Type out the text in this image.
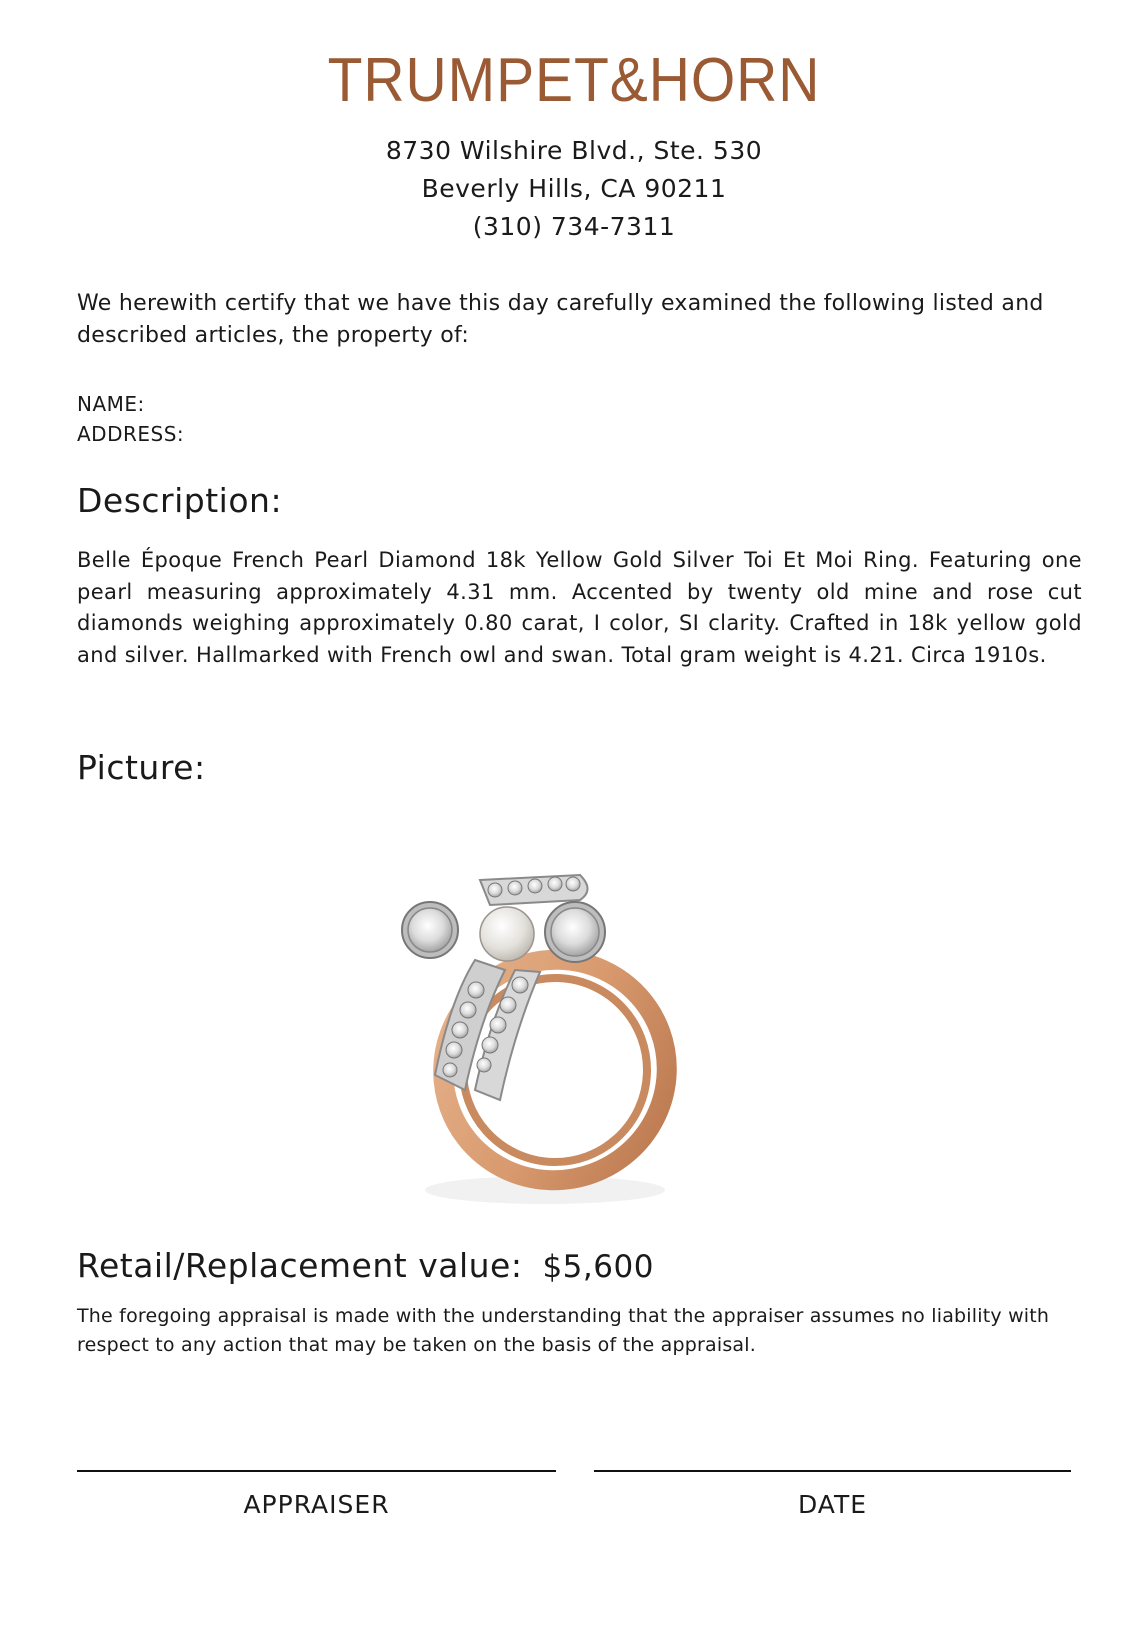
TRUMPET&HORN
8730 Wilshire Blvd., Ste. 530
Beverly Hills, CA 90211
(310) 734-7311
We herewith certify that we have this day carefully examined the following listed and described articles, the property of:
NAME:
ADDRESS:
Description:
Belle Époque French Pearl Diamond 18k Yellow Gold Silver Toi Et Moi Ring. Featuring one pearl measuring approximately 4.31 mm. Accented by twenty old mine and rose cut diamonds weighing approximately 0.80 carat, I color, SI clarity. Crafted in 18k yellow gold and silver. Hallmarked with French owl and swan. Total gram weight is 4.21. Circa 1910s.
Picture:
Retail/Replacement value: $5,600
The foregoing appraisal is made with the understanding that the appraiser assumes no liability with respect to any action that may be taken on the basis of the appraisal.
APPRAISER	DATE
